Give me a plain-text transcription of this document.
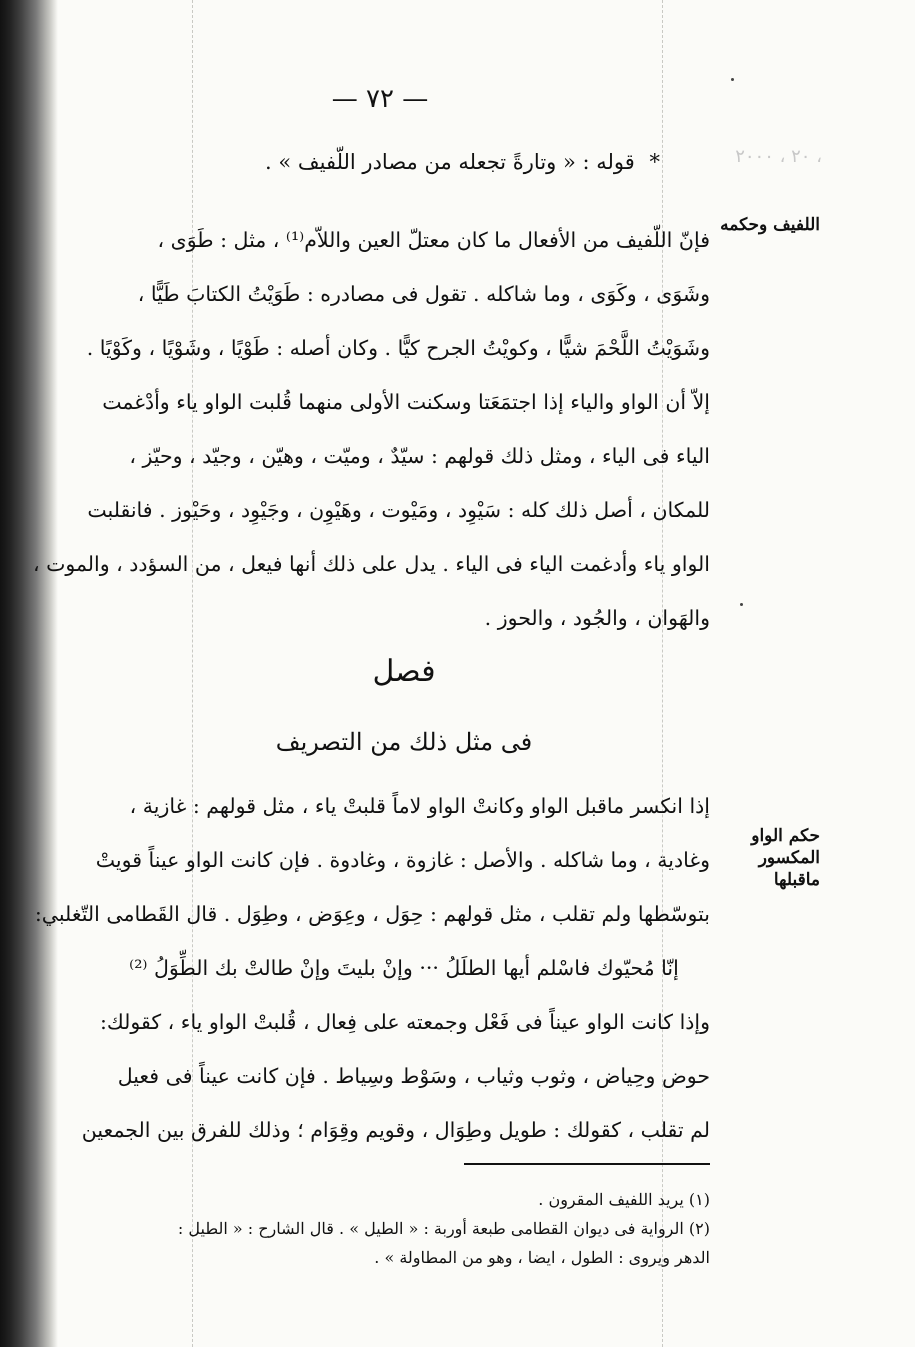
— ٧٢ —
* قوله : « وتارةً تجعله من مصادر اللّفيف » .	، ۲۰ ، ۲۰۰۰
اللفيف وحكمه
فإنّ اللّفيف من الأفعال ما كان معتلّ العين واللاّم⁽¹⁾ ، مثل : طَوَى ،
وشَوَى ، وكَوَى ، وما شاكله . تقول فى مصادره : طَوَيْتُ الكتابَ طَيًّا ،
وشَوَيْتُ اللَّحْمَ شيًّا ، وكويْتُ الجرح كيًّا . وكان أصله : طَوْيًا ، وشَوْيًا ، وكَوْيًا .
إلاّ أن الواو والياء إذا اجتمَعَتا وسكنت الأولى منهما قُلبت الواو ياء وأدْغمت
الياء فى الياء ، ومثل ذلك قولهم : سيّدٌ ، وميّت ، وهيّن ، وجيّد ، وحيّز ،
للمكان ، أصل ذلك كله : سَيْوِد ، ومَيْوت ، وهَيْوِن ، وجَيْوِد ، وحَيْوز . فانقلبت
الواو ياء وأدغمت الياء فى الياء . يدل على ذلك أنها فيعل ، من السؤدد ، والموت ،
والهَوان ، والجُود ، والحوز .
فصل
فى مثل ذلك من التصريف
حكم الواو
المكسور
ماقبلها
إذا انكسر ماقبل الواو وكانتْ الواو لاماً قلبتْ ياء ، مثل قولهم : غازية ،
وغادية ، وما شاكله . والأصل : غازوة ، وغادوة . فإن كانت الواو عيناً قويتْ
بتوسّطها ولم تقلب ، مثل قولهم : حِوَل ، وعِوَض ، وطِوَل . قال القَطامى التّغلبي:
إنّا مُحيّوك فاسْلم أيها الطلَلُ ··· وإنْ بليتَ وإنْ طالتْ بك الطِّوَلُ ⁽²⁾
وإذا كانت الواو عيناً فى فَعْل وجمعته على فِعال ، قُلبتْ الواو ياء ، كقولك:
حوض وحِياض ، وثوب وثياب ، وسَوْط وسِياط . فإن كانت عيناً فى فعيل
لم تقلب ، كقولك : طويل وطِوَال ، وقويم وقِوَام ؛ وذلك للفرق بين الجمعين
(١) يريد اللفيف المقرون .
(٢) الرواية فى ديوان القطامى طبعة أوربة : « الطيل » . قال الشارح : « الطيل :
الدهر ويروى : الطول ، ايضا ، وهو من المطاولة » .
